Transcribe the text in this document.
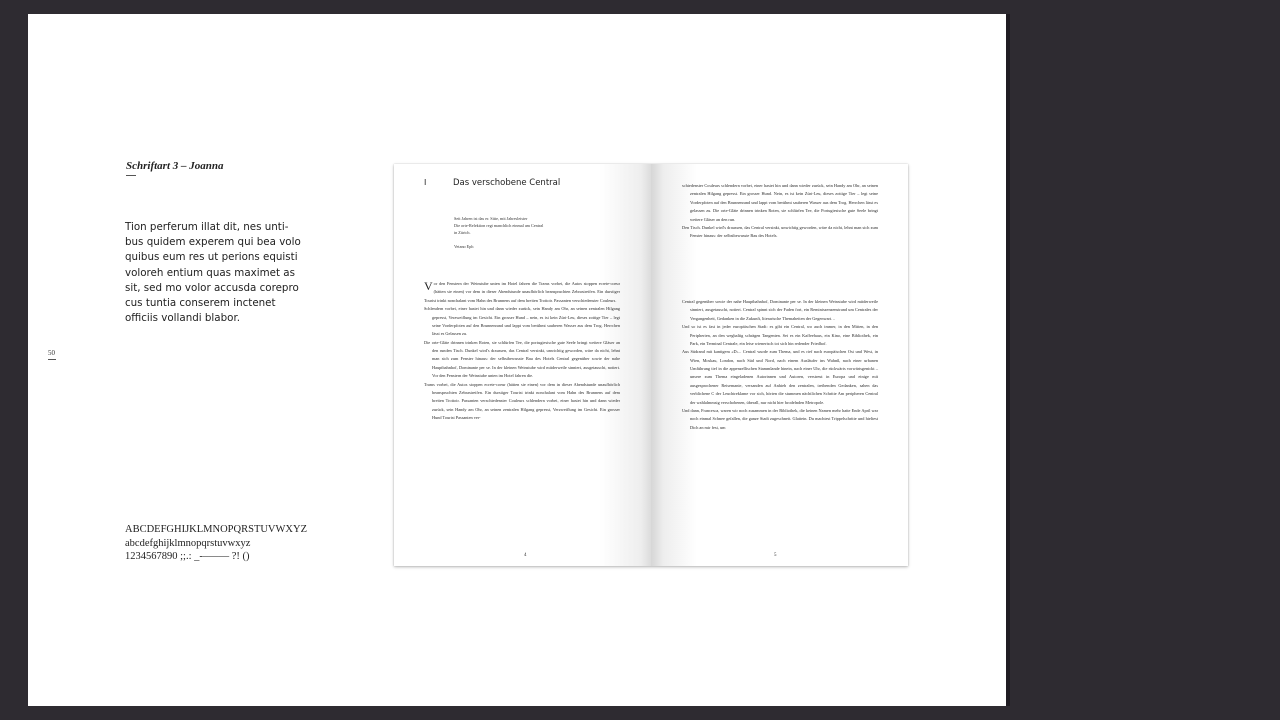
Schriftart 3 – Joanna
Tion perferum illat dit, nes unti-bus quidem experem qui bea volo quibus eum res ut perions equisti voloreh entium quas maximet as sit, sed mo volor accusda corepro cus tuntia conserem inctenet officiis vollandi blabor.
50
ABCDEFGHIJKLMNOPQRSTUVWXYZ
abcdefghijklmnopqrstuvwxyz
1234567890 ;;.: _-–—— ?! ()
I	Das verschobene Central
Seit Jahren ist das er. Sitte, mit Jahresleister
Die orte-Relektion regt manchlich einmal am Central
in Zürich.
Vetano Eph
Vor den Fenstern der Weinstube unten im Hotel fahren die Trams vorbei, die Autos stoppen ecrete-coeur (hätten sie einen) vor dem in dieser Abendstunde unaufhörlich beanspruchten Zebrastreifen. Ein durstiger Tourist trinkt nonchalant vom Hahn des Brunnens auf dem breiten Trottoir. Passanten verschiedenster Couleurs.
Schlendern vorbei, einer hastet hin und dann wieder zurück, sein Handy am Ohr, an seinen zentralen Hilgang gepresst, Verzweiflung im Gesicht. Ein grosser Hund – nein, es ist kein Züri-Leu, dieses zottige Tier – legt seine Vorderpfoten auf den Brunnenrand und lappt vom berühmt sauberen Wasser aus dem Trog. Herrchen lässt es Gelassen zu.
Die orte-Gläte drinnen trinken Roten, sie schlürfen Tee, die portugiesische gute Seele bringt weitere Gläser an den runden Tisch. Dunkel wird's draussen, das Central versinkt, unwichtig geworden, wäre da nicht, lehnt man sich zum Fenster hinaus: der selbstbewusste Bau des Hotels Central gegenüber sowie der nahe Hauptbahnhof, Dominante per se. In der kleinen Weinstube wird mitderweile sinniert, ausgetauscht, notiert. Vor den Fenstern der Weinstube unten im Hotel fahren die.
Trams vorbei, die Autos stoppen ecrete-coeur (hätten sie einen) vor dem in dieser Abendstunde unaufhörlich beanspruchten Zebrastreifen. Ein durstiger Tourist trinkt nonchalant vom Hahn des Brunnens auf dem breiten Trottoir. Passanten verschiedenster Couleurs schlendern vorbei, einer hastet hin und dann wieder zurück, sein Handy am Ohr, an seinen zentralen Hilgang gepresst, Verzweiflung im Gesicht. Ein grosser Hund Tourist Passanten ver-
4
schiedenster Couleurs schlendern vorbei, einer hastet hin und dann wieder zurück, sein Handy am Ohr, an seinen zentralen Hilgang gepresst. Ein grosser Hund. Nein, es ist kein Züri-Leu, dieses zottige Tier – legt seine Vorderpfoten auf den Brunnenrand und lappt vom berühmt sauberen Wasser aus dem Trog. Herrchen lässt es gelassen zu. Die orte-Gläte drinnen trinken Roten, sie schlürfen Tee, die Portugiesische gute Seele bringt weitere Gläser an den run.
Den Tisch. Dunkel wird's draussen, das Central versinkt, unwichtig geworden, wäre da nicht, lehnt man sich zum Fenster hinaus: der selbstbewusste Bau des Hotels.
Central gegenüber sowie der nahe Hauptbahnhof, Dominante per se. In der kleinen Weinstube wird mitderweile sinniert, ausgetauscht, notiert. Central spinnt sich der Faden fort, ein Reminiszenzenstrand um Centrales der Vergangenheit, Gedanken in die Zukunft, literarische Themaheiten der Gegenwart…
Und so ist es fast in jeder europäischen Stadt: es gibt ein Central, wo auch immer, in den Mitten, in den Peripherien, an den wegbaltig schrägen Tangenten. Sei es ein Kaffeehaus, ein Kino, eine Bibliothek, ein Park, ein Terminal Centrale, ein leise wienerisch tot sich hin redender Friedhof.
Aus Südrand mit kantigem «D›... Central wurde zum Thema, und es rief nach europäischen Ost und West, in Wien, Moskau, London, nach Süd und Nord, nach einem Ausläufer ins Wahnß, nach einer urbanen Umführung tief in die appenzellischen Stammlande hinein, nach einer Uhr, die rückwärts vorwärtsgenickt – unsere zum Thema eingeladenen Autorinnen und Autoren, verstreut in Europa und einige mit ausgesprochener Reisemanie, versanden auf Anhieb den zentralen, treibenden Gedanken, sahen das verblichene C der Leuchtreklame vor sich, hörten die stummen nächtlichen Schritte Am peripheren Central der wahlalmmsig verschobenen, überall, nur nicht hier brodelnden Metropole.
Und dann, Francesca, waren wir noch zusammen in der Bibliothek, die keinen Namen mehr hatte Ende April war noch einmal Schnee gefallen, die ganze Stadt zugeschneit. Glattein. Du machtest Trippelschritte und hieltest Dich an mir fest, um
5
